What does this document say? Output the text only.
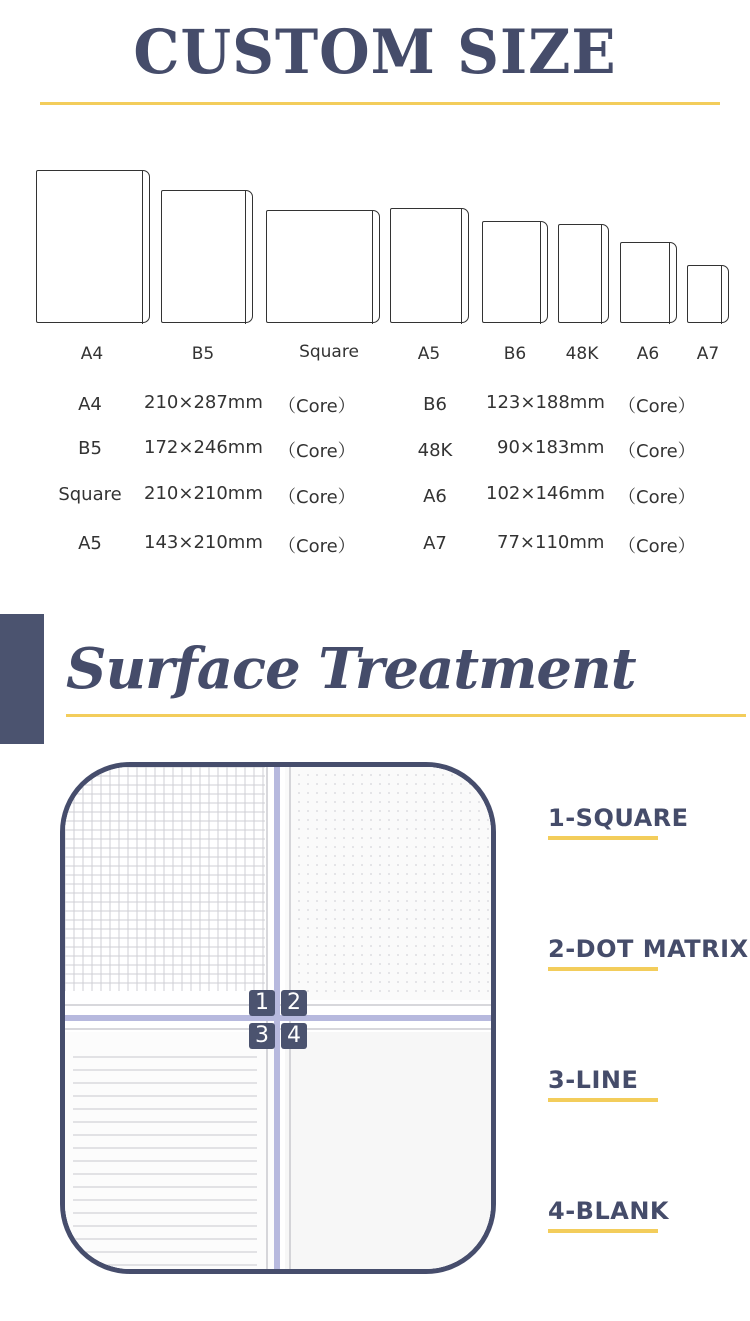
CUSTOM SIZE
A4	B5	Square	A5	B6	48K	A6	A7
A4	210×287mm （Core）	B6	123×188mm （Core）
B5	172×246mm （Core）	48K	90×183mm （Core）
Square	210×210mm （Core）	A6	102×146mm （Core）
A5	143×210mm （Core）	A7	77×110mm （Core）
Surface Treatment
1 2
3 4
1-SQUARE
2-DOT MATRIX
3-LINE
4-BLANK
